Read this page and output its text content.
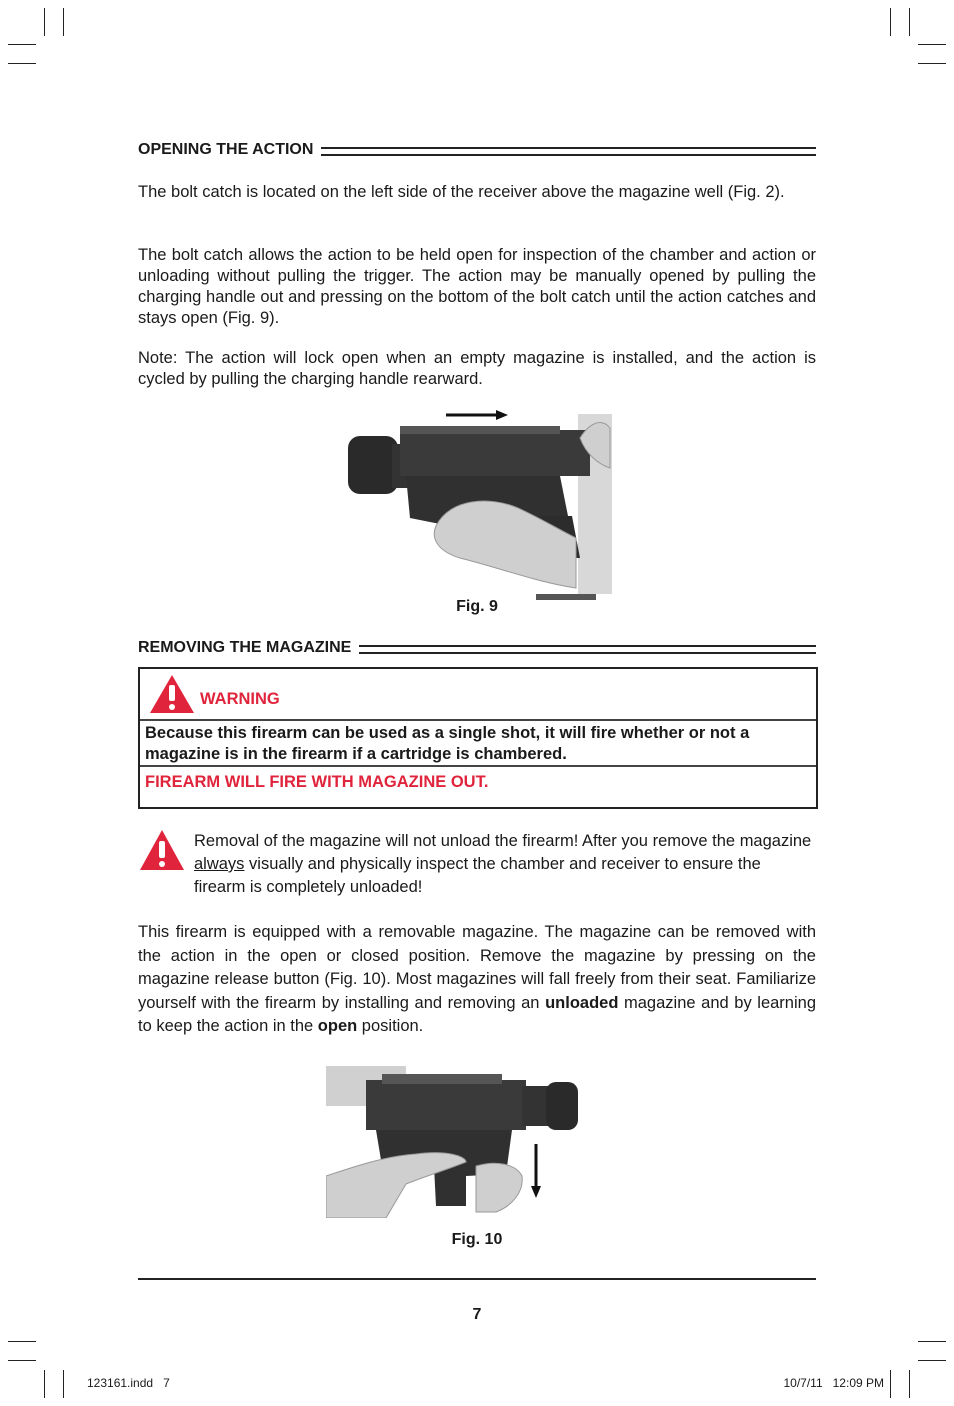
OPENING THE ACTION

The bolt catch is located on the left side of the receiver above the magazine well (Fig. 2).

The bolt catch allows the action to be held open for inspection of the chamber and action or unloading without pulling the trigger. The action may be manually opened by pulling the charging handle out and pressing on the bottom of the bolt catch until the action catches and stays open (Fig. 9).

Note: The action will lock open when an empty magazine is installed, and the action is cycled by pulling the charging handle rearward.

Fig. 9
REMOVING THE MAGAZINE
WARNING
Because this firearm can be used as a single shot, it will fire whether or not a magazine is in the firearm if a cartridge is chambered.
FIREARM WILL FIRE WITH MAGAZINE OUT.

Removal of the magazine will not unload the firearm! After you remove the magazine always visually and physically inspect the chamber and receiver to ensure the firearm is completely unloaded!

This firearm is equipped with a removable magazine. The magazine can be removed with the action in the open or closed position. Remove the magazine by pressing on the magazine release button (Fig. 10). Most magazines will fall freely from their seat. Familiarize yourself with the firearm by installing and removing an unloaded magazine and by learning to keep the action in the open position.

Fig. 10
7
123161.indd   7	10/7/11   12:09 PM
